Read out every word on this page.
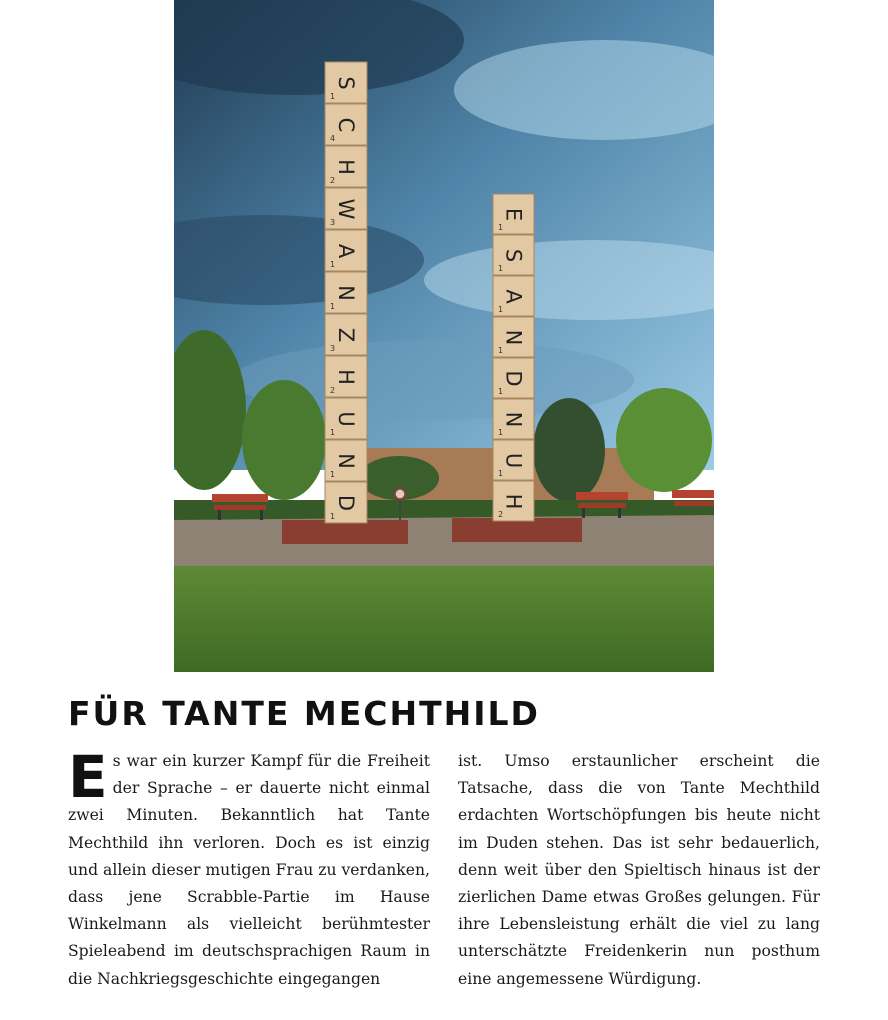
D
1
N
1
U
1
H
2
Z
3
N
1
A
1
W
3
H
2
C
4
S
1
H
2
U
1
N
1
D
1
N
1
A
1
S
1
E
1
FÜR TANTE MECHTHILD

Es war ein kurzer Kampf für die Freiheit der Sprache – er dauerte nicht einmal zwei Minuten. Bekanntlich hat Tante Mechthild ihn verloren. Doch es ist einzig und allein dieser mutigen Frau zu verdanken, dass jene Scrabble-Partie im Hause Winkelmann als vielleicht berühmtester Spieleabend im deutschsprachigen Raum in die Nachkriegsgeschichte eingegangen

ist. Umso erstaunlicher erscheint die Tatsache, dass die von Tante Mechthild erdachten Wortschöpfungen bis heute nicht im Duden stehen. Das ist sehr bedauerlich, denn weit über den Spieltisch hinaus ist der zierlichen Dame etwas Großes gelungen. Für ihre Lebensleistung erhält die viel zu lang unterschätzte Freidenkerin nun posthum eine angemessene Würdigung.
